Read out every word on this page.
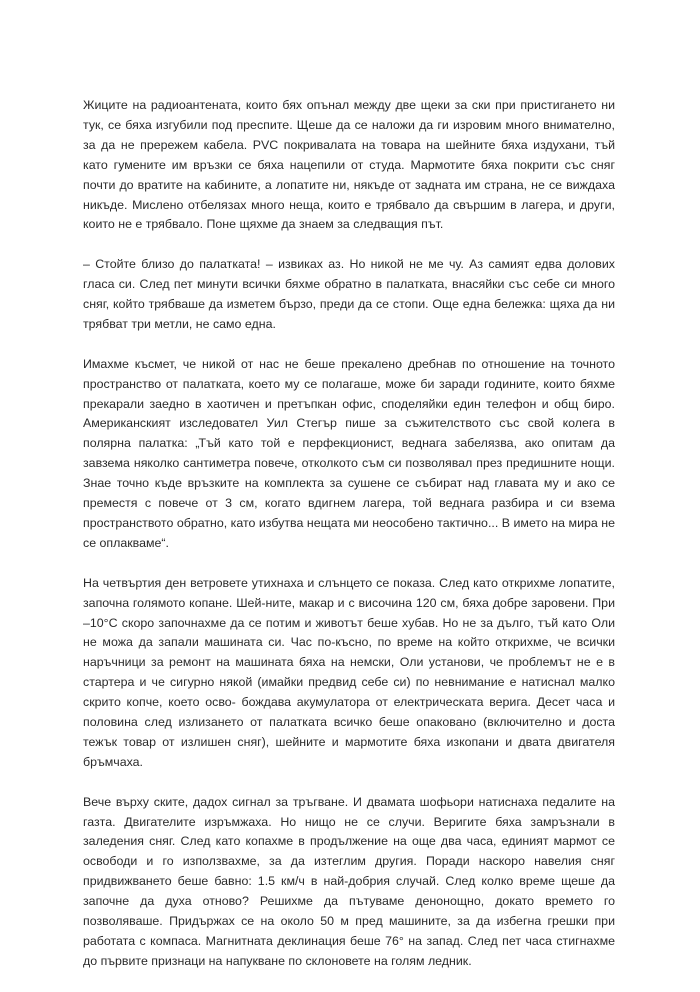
Жиците на радиоантената, които бях опънал между две щеки за ски при пристигането ни тук, се бяха изгубили под преспите. Щеше да се наложи да ги изровим много внимателно, за да не прережем кабела. PVC покривалата на товара на шейните бяха издухани, тъй като гумените им връзки се бяха нацепили от студа. Мармотите бяха покрити със сняг почти до вратите на кабините, а лопатите ни, някъде от задната им страна, не се виждаха никъде. Мислено отбелязах много неща, които е трябвало да свършим в лагера, и други, които не е трябвало. Поне щяхме да знаем за следващия път.

– Стойте близо до палатката! – извиках аз. Но никой не ме чу. Аз самият едва долових гласа си. След пет минути всички бяхме обратно в палатката, внасяйки със себе си много сняг, който трябваше да изметем бързо, преди да се стопи. Още една бележка: щяха да ни трябват три метли, не само една.

Имахме късмет, че никой от нас не беше прекалено дребнав по отношение на точното пространство от палатката, което му се полагаше, може би заради годините, които бяхме прекарали заедно в хаотичен и претъпкан офис, споделяйки един телефон и общ биро. Американският изследовател Уил Стегър пише за съжителството със свой колега в полярна палатка: „Тъй като той е перфекционист, веднага забелязва, ако опитам да завзема няколко сантиметра повече, отколкото съм си позволявал през предишните нощи. Знае точно къде връзките на комплекта за сушене се събират над главата му и ако се преместя с повече от 3 см, когато вдигнем лагера, той веднага разбира и си взема пространството обратно, като избутва нещата ми неособено тактично... В името на мира не се оплакваме“.

На четвъртия ден ветровете утихнаха и слънцето се показа. След като открихме лопатите, започна голямото копане. Шей-ните, макар и с височина 120 см, бяха добре заровени. При –10°С скоро започнахме да се потим и животът беше хубав. Но не за дълго, тъй като Оли не можа да запали машината си. Час по-късно, по време на който открихме, че всички наръчници за ремонт на машината бяха на немски, Оли установи, че проблемът не е в стартера и че сигурно някой (имайки предвид себе си) по невнимание е натиснал малко скрито копче, което осво- бождава акумулатора от електрическата верига. Десет часа и половина след излизането от палатката всичко беше опаковано (включително и доста тежък товар от излишен сняг), шейните и мармотите бяха изкопани и двата двигателя бръмчаха.

Вече върху ските, дадох сигнал за тръгване. И двамата шофьори натиснаха педалите на газта. Двигателите изръмжаха. Но нищо не се случи. Веригите бяха замръзнали в заледения сняг. След като копахме в продължение на още два часа, единият мармот се освободи и го използвахме, за да изтеглим другия. Поради наскоро навелия сняг придвижването беше бавно: 1.5 км/ч в най-добрия случай. След колко време щеше да започне да духа отново? Решихме да пътуваме денонощно, докато времето го позволяваше. Придържах се на около 50 м пред машините, за да избегна грешки при работата с компаса. Магнитната деклинация беше 76° на запад. След пет часа стигнахме до първите признаци на напукване по склоновете на голям ледник.
